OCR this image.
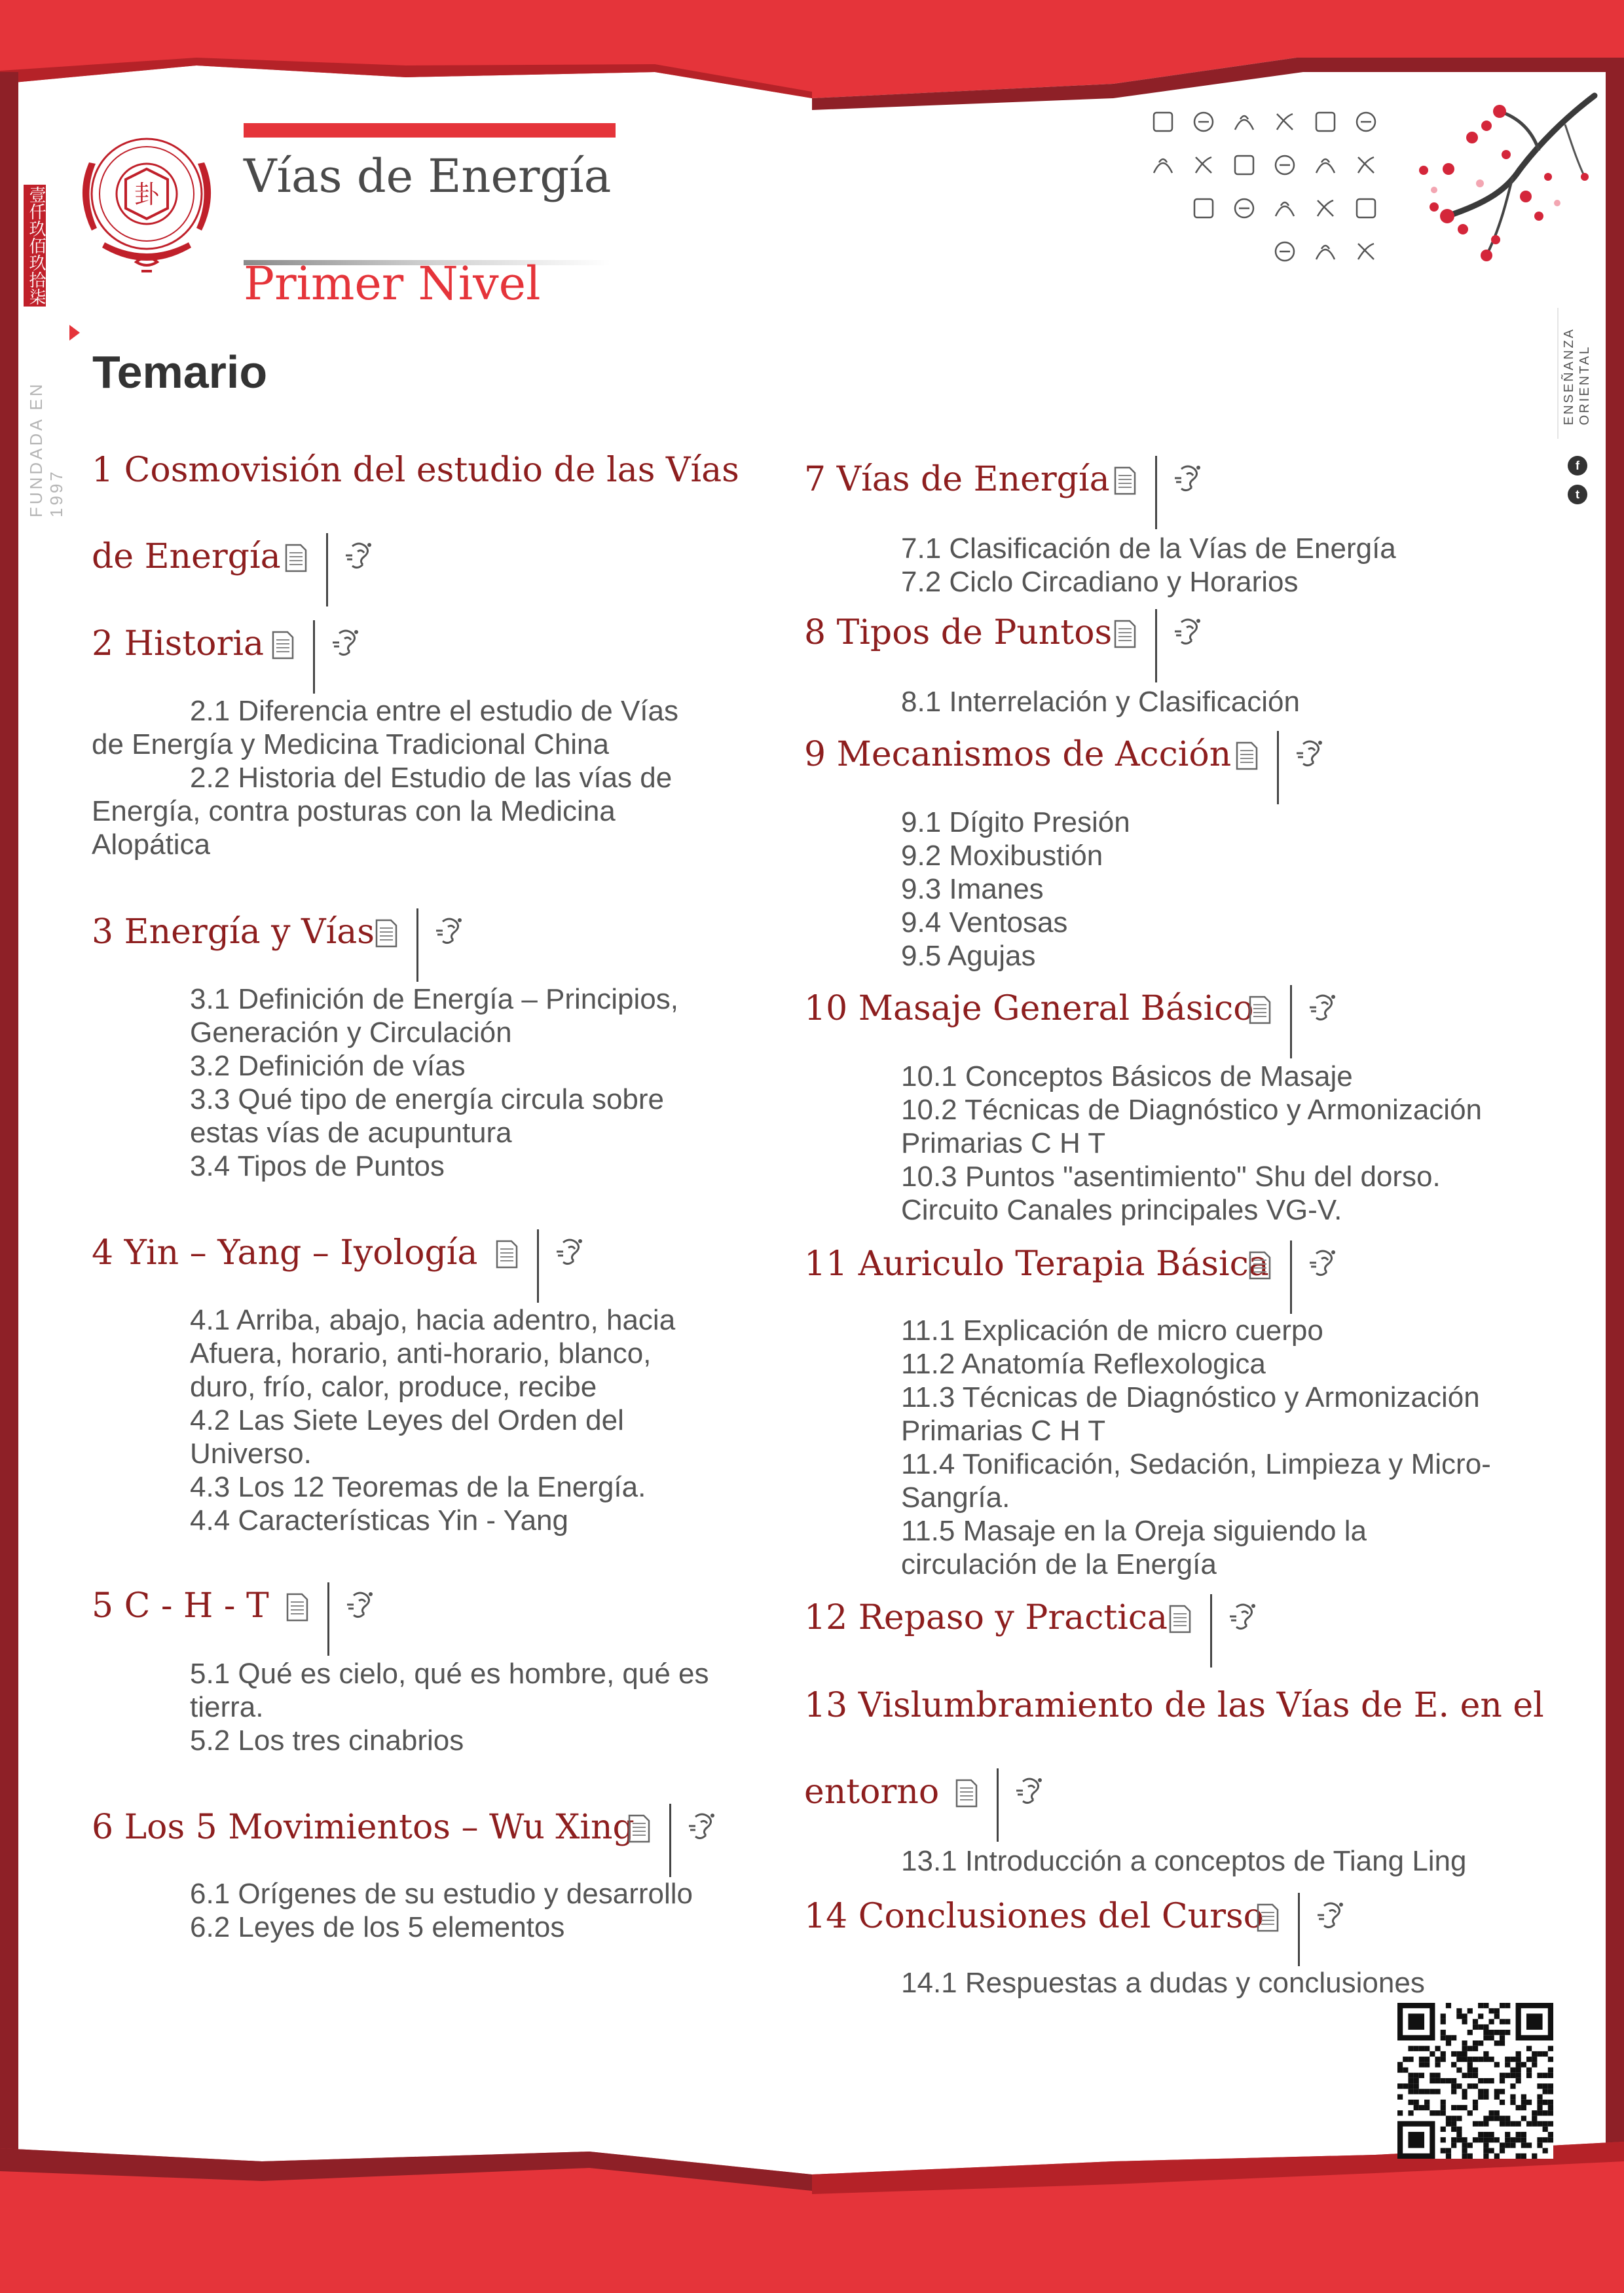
卦 Vías de Energía
Primer Nivel
壹仟玖佰玖拾柒
FUNDADA EN 1997
ENSEÑANZA ORIENTAL
f
t
Temario
1 Cosmovisión del estudio de las Vías
de Energía
2 Historia
2.1 Diferencia entre el estudio de Vías
de Energía y Medicina Tradicional China
2.2 Historia del Estudio de las vías de
Energía, contra posturas con la Medicina
Alopática
3 Energía y Vías
3.1 Definición de Energía – Principios,
Generación y Circulación
3.2 Definición de vías
3.3 Qué tipo de energía circula sobre
estas vías de acupuntura
3.4 Tipos de Puntos
4 Yin – Yang – Iyología
4.1 Arriba, abajo, hacia adentro, hacia
Afuera, horario, anti-horario, blanco,
duro, frío, calor, produce, recibe
4.2 Las Siete Leyes del Orden del
Universo.
4.3 Los 12 Teoremas de la Energía.
4.4 Características Yin - Yang
5 C - H - T
5.1 Qué es cielo, qué es hombre, qué es
tierra.
5.2 Los tres cinabrios
6 Los 5 Movimientos – Wu Xing
6.1 Orígenes de su estudio y desarrollo
6.2 Leyes de los 5 elementos
7 Vías de Energía
7.1 Clasificación de la Vías de Energía
7.2 Ciclo Circadiano y Horarios
8 Tipos de Puntos
8.1 Interrelación y Clasificación
9 Mecanismos de Acción
9.1 Dígito Presión
9.2 Moxibustión
9.3 Imanes
9.4 Ventosas
9.5 Agujas
10 Masaje General Básico
10.1 Conceptos Básicos de Masaje
10.2 Técnicas de Diagnóstico y Armonización
Primarias C H T
10.3 Puntos "asentimiento" Shu del dorso.
Circuito Canales principales VG-V.
11 Auriculo Terapia Básica
11.1 Explicación de micro cuerpo
11.2 Anatomía Reflexologica
11.3 Técnicas de Diagnóstico y Armonización
Primarias C H T
11.4 Tonificación, Sedación, Limpieza y Micro-
Sangría.
11.5 Masaje en la Oreja siguiendo la
circulación de la Energía
12 Repaso y Practica
13 Vislumbramiento de las Vías de E. en el
entorno
13.1 Introducción a conceptos de Tiang Ling
14 Conclusiones del Curso
14.1 Respuestas a dudas y conclusiones
